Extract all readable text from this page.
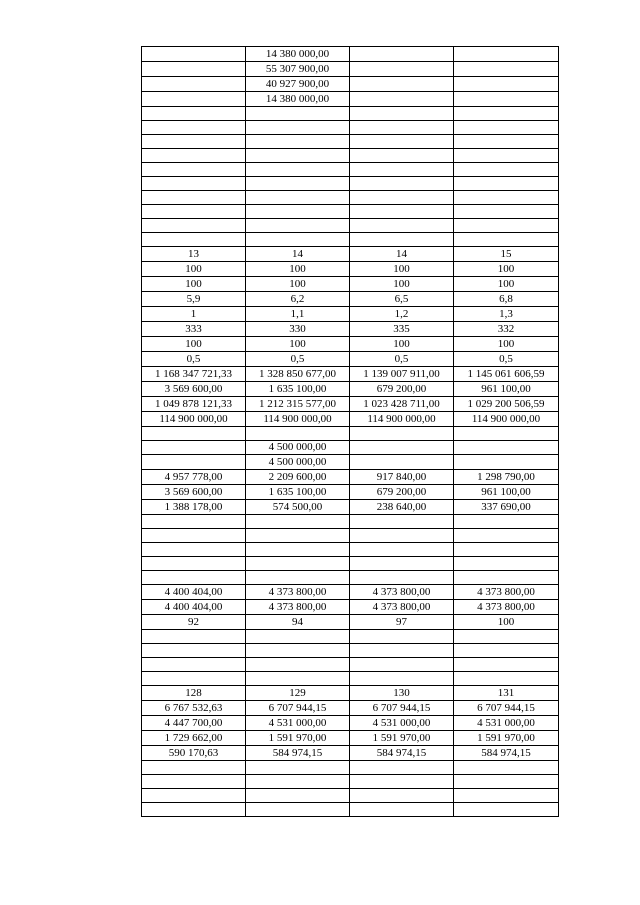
	14 380 000,00		
	55 307 900,00		
	40 927 900,00		
	14 380 000,00		

13	14	14	15
100	100	100	100
100	100	100	100
5,9	6,2	6,5	6,8
1	1,1	1,2	1,3
333	330	335	332
100	100	100	100
0,5	0,5	0,5	0,5
1 168 347 721,33	1 328 850 677,00	1 139 007 911,00	1 145 061 606,59
3 569 600,00	1 635 100,00	679 200,00	961 100,00
1 049 878 121,33	1 212 315 577,00	1 023 428 711,00	1 029 200 506,59
114 900 000,00	114 900 000,00	114 900 000,00	114 900 000,00

	4 500 000,00		
	4 500 000,00		
4 957 778,00	2 209 600,00	917 840,00	1 298 790,00
3 569 600,00	1 635 100,00	679 200,00	961 100,00
1 388 178,00	574 500,00	238 640,00	337 690,00

4 400 404,00	4 373 800,00	4 373 800,00	4 373 800,00
4 400 404,00	4 373 800,00	4 373 800,00	4 373 800,00
92	94	97	100

128	129	130	131
6 767 532,63	6 707 944,15	6 707 944,15	6 707 944,15
4 447 700,00	4 531 000,00	4 531 000,00	4 531 000,00
1 729 662,00	1 591 970,00	1 591 970,00	1 591 970,00
590 170,63	584 974,15	584 974,15	584 974,15
